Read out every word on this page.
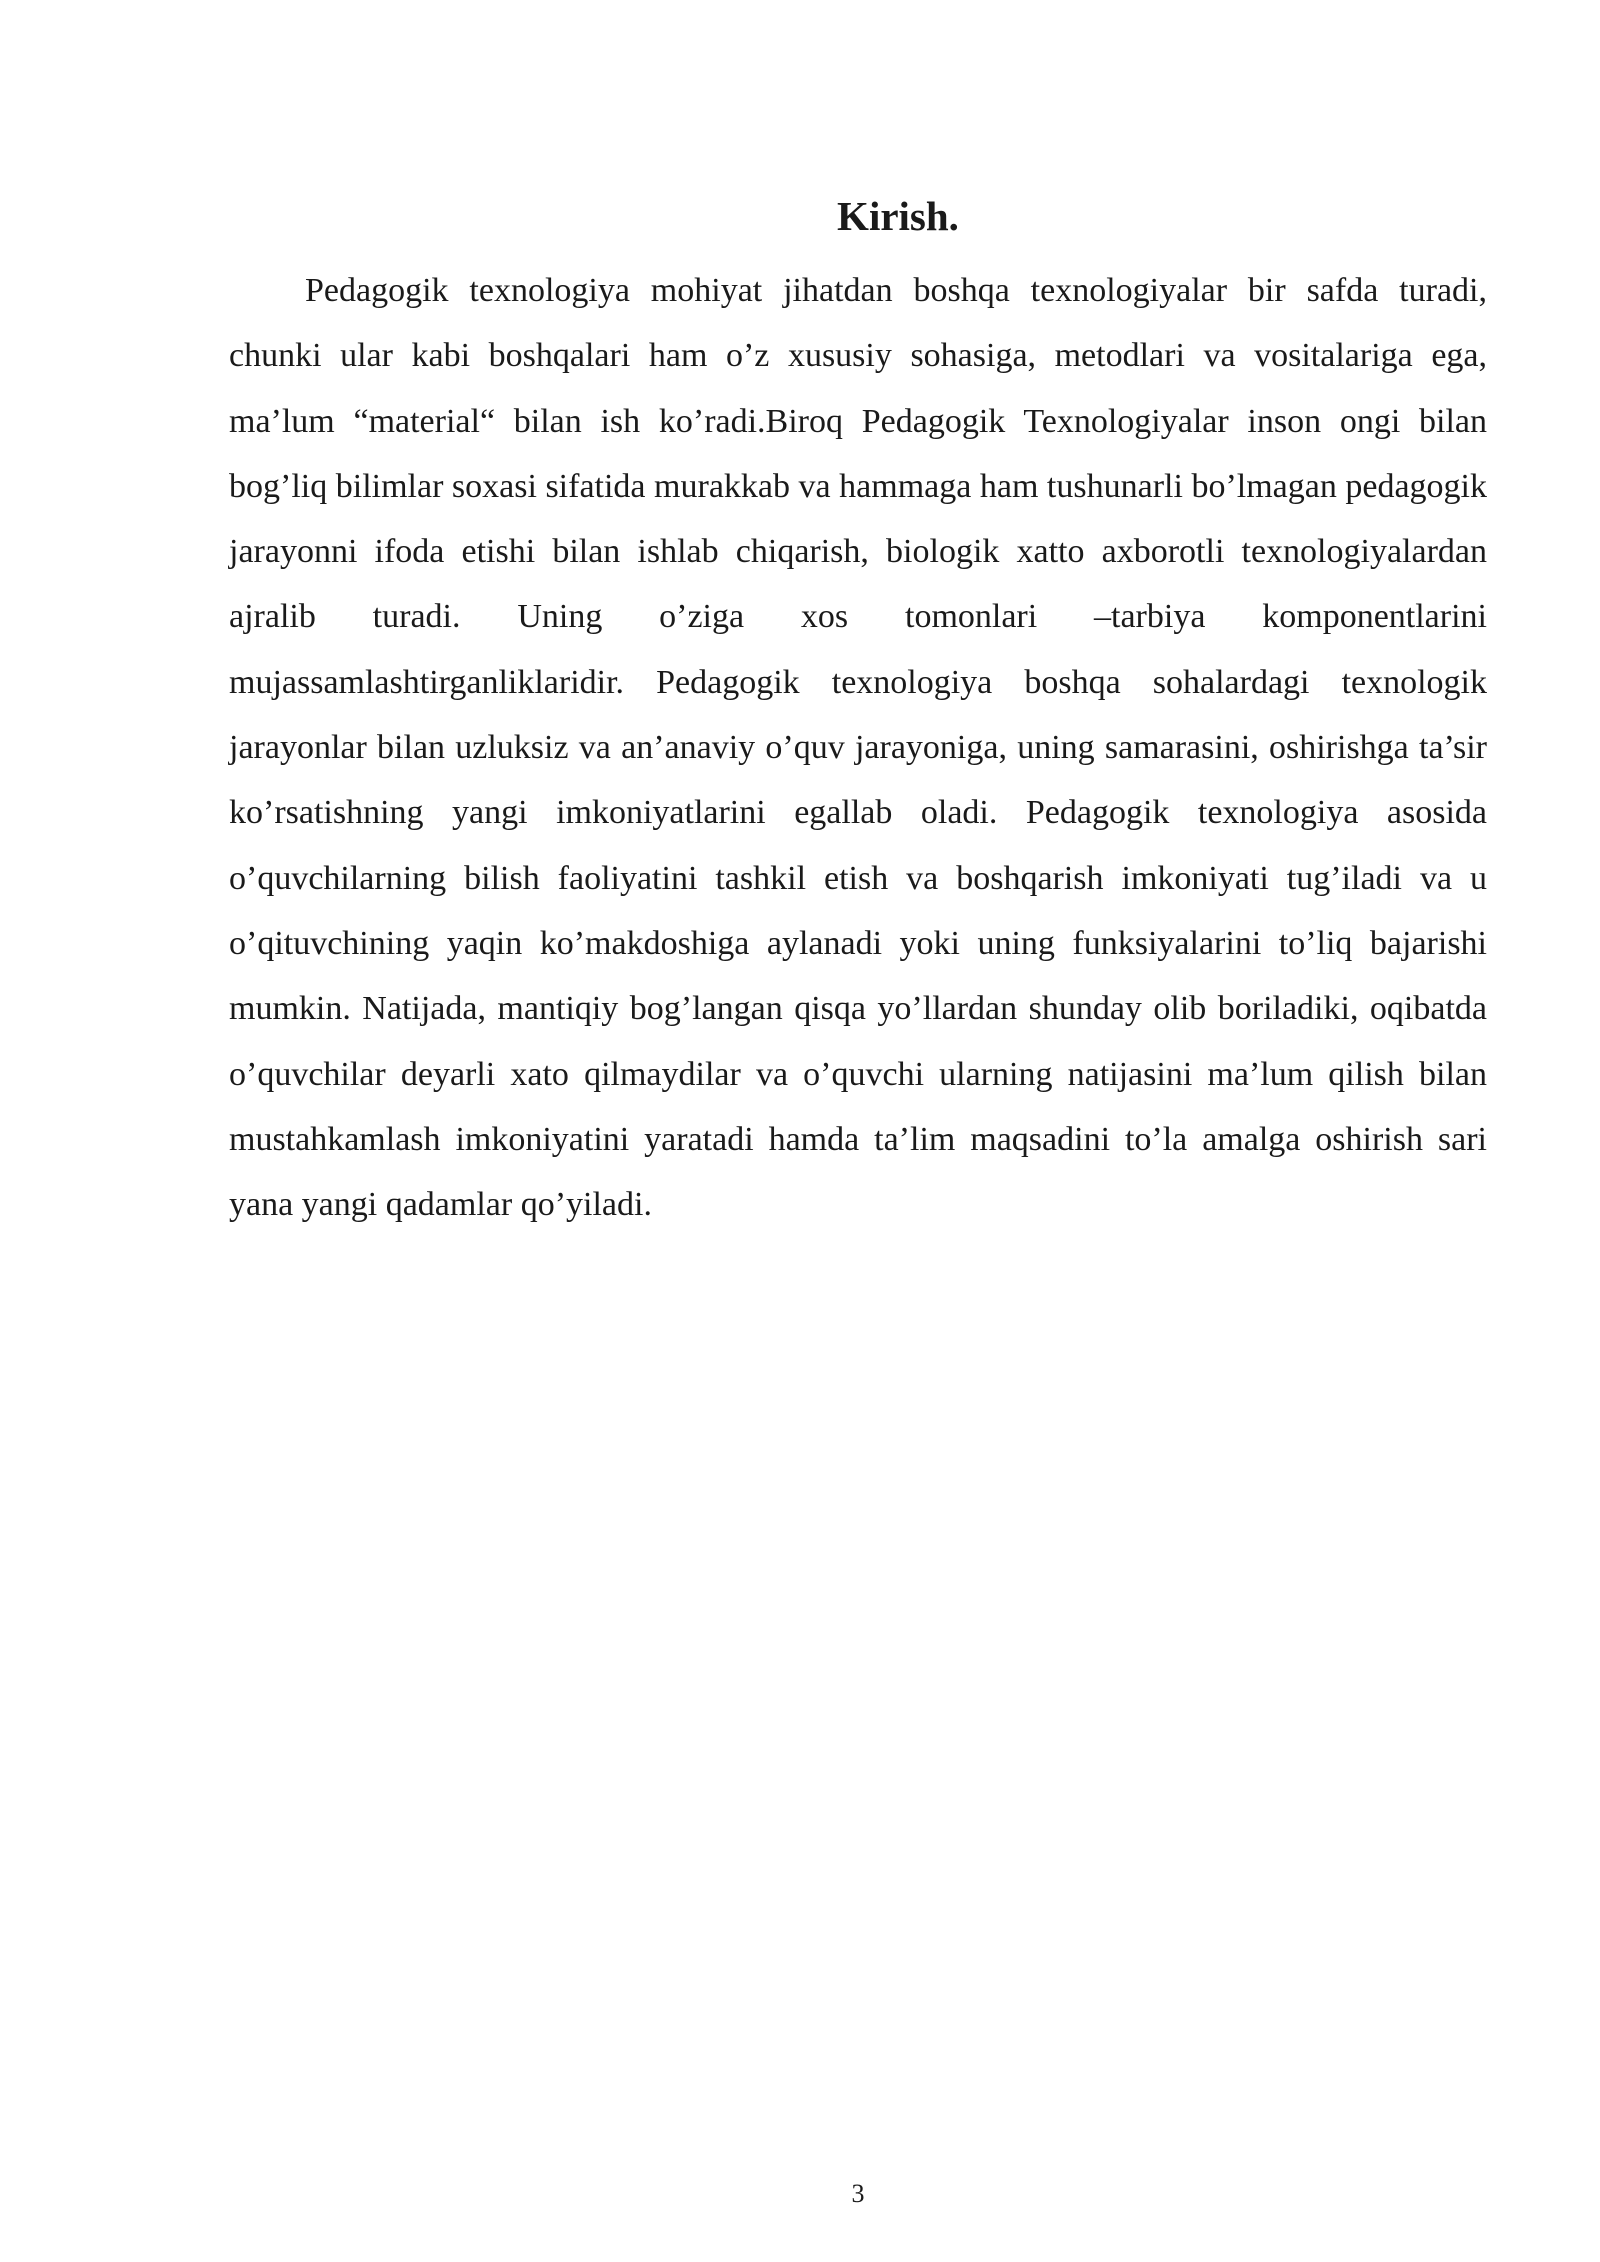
Kirish.

Pedagogik texnologiya mohiyat jihatdan boshqa texnologiyalar bir safda turadi, chunki ular kabi boshqalari ham o’z xususiy sohasiga, metodlari va vositalariga ega, ma’lum “material“ bilan ish ko’radi.Biroq Pedagogik Texnologiyalar inson ongi bilan bog’liq bilimlar soxasi sifatida murakkab va hammaga ham tushunarli bo’lmagan pedagogik jarayonni ifoda etishi bilan ishlab chiqarish, biologik xatto axborotli texnologiyalardan ajralib turadi. Uning o’ziga xos tomonlari –tarbiya komponentlarini mujassamlashtirganliklaridir. Pedagogik texnologiya boshqa sohalardagi texnologik jarayonlar bilan uzluksiz va an’anaviy o’quv jarayoniga, uning samarasini, oshirishga ta’sir ko’rsatishning yangi imkoniyatlarini egallab oladi. Pedagogik texnologiya asosida o’quvchilarning bilish faoliyatini tashkil etish va boshqarish imkoniyati tug’iladi va u o’qituvchining yaqin ko’makdoshiga aylanadi yoki uning funksiyalarini to’liq bajarishi mumkin. Natijada, mantiqiy bog’langan qisqa yo’llardan shunday olib boriladiki, oqibatda o’quvchilar deyarli xato qilmaydilar va o’quvchi ularning natijasini ma’lum qilish bilan mustahkamlash imkoniyatini yaratadi hamda ta’lim maqsadini to’la amalga oshirish sari yana yangi qadamlar qo’yiladi.

3
